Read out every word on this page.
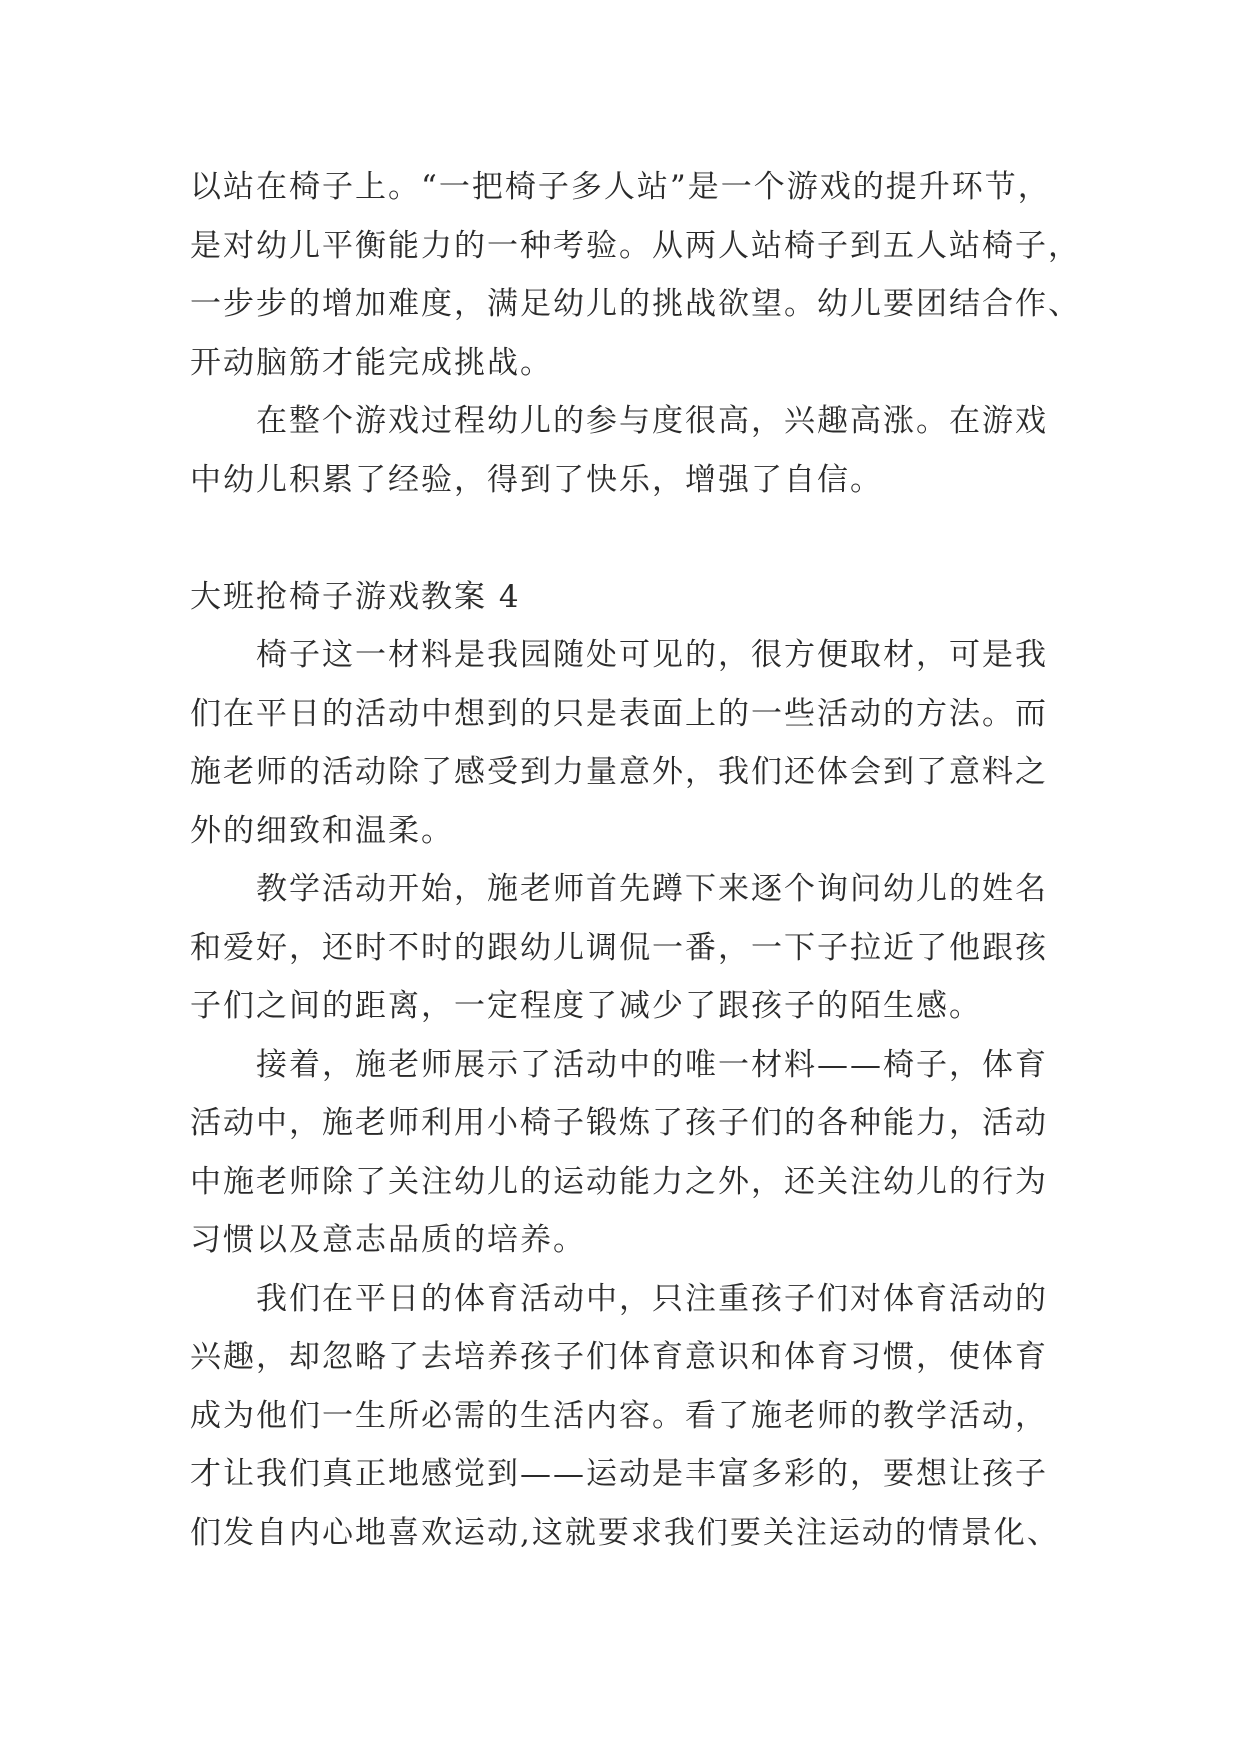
以站在椅子上。“一把椅子多人站”是一个游戏的提升环节，
是对幼儿平衡能力的一种考验。从两人站椅子到五人站椅子，
一步步的增加难度，满足幼儿的挑战欲望。幼儿要团结合作、
开动脑筋才能完成挑战。
在整个游戏过程幼儿的参与度很高，兴趣高涨。在游戏
中幼儿积累了经验，得到了快乐，增强了自信。
大班抢椅子游戏教案 4
椅子这一材料是我园随处可见的，很方便取材，可是我
们在平日的活动中想到的只是表面上的一些活动的方法。而
施老师的活动除了感受到力量意外，我们还体会到了意料之
外的细致和温柔。
教学活动开始，施老师首先蹲下来逐个询问幼儿的姓名
和爱好，还时不时的跟幼儿调侃一番，一下子拉近了他跟孩
子们之间的距离，一定程度了减少了跟孩子的陌生感。
接着，施老师展示了活动中的唯一材料——椅子，体育
活动中，施老师利用小椅子锻炼了孩子们的各种能力，活动
中施老师除了关注幼儿的运动能力之外，还关注幼儿的行为
习惯以及意志品质的培养。
我们在平日的体育活动中，只注重孩子们对体育活动的
兴趣，却忽略了去培养孩子们体育意识和体育习惯，使体育
成为他们一生所必需的生活内容。看了施老师的教学活动，
才让我们真正地感觉到——运动是丰富多彩的，要想让孩子
们发自内心地喜欢运动,这就要求我们要关注运动的情景化、
